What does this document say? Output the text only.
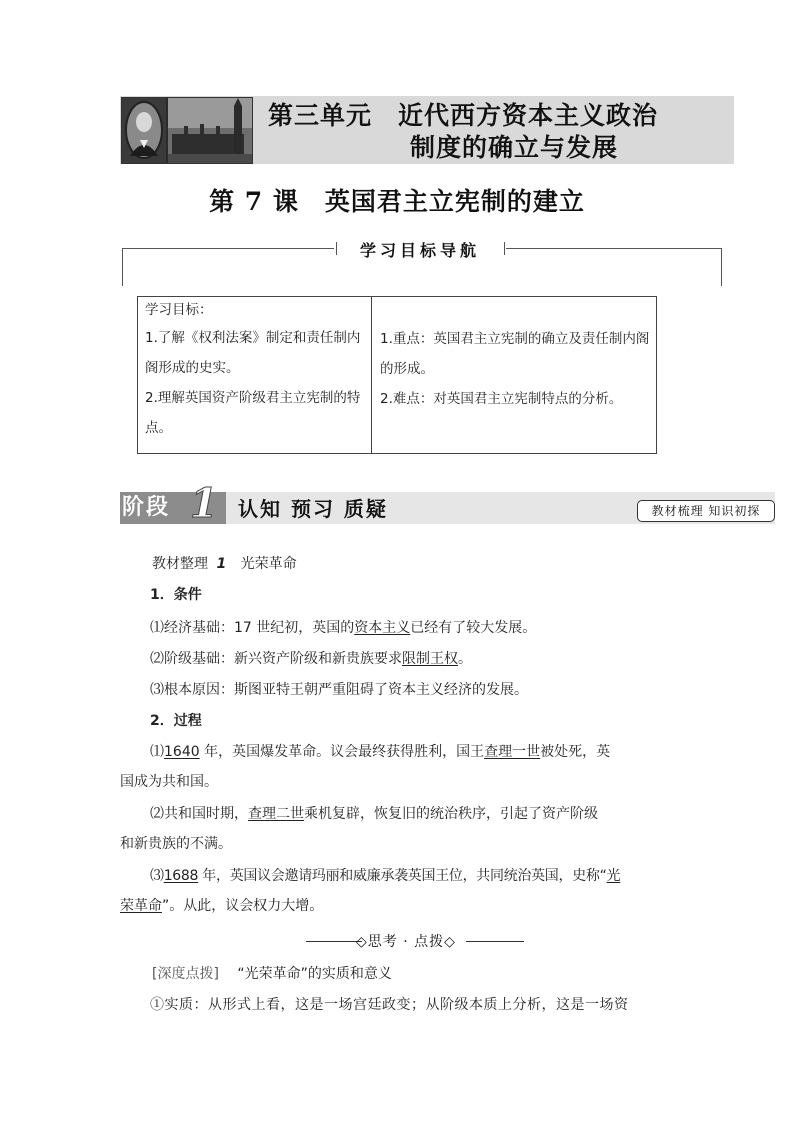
第三单元　近代西方资本主义政治
制度的确立与发展
第 7 课　英国君主立宪制的建立
学习目标导航
学习目标：
1.了解《权利法案》制定和责任制内阁形成的史实。
2.理解英国资产阶级君主立宪制的特点。
1.重点：英国君主立宪制的确立及责任制内阁的形成。
2.难点：对英国君主立宪制特点的分析。
阶段 1 认知 预习 质疑	教材梳理 知识初探
教材整理 1 光荣革命
1．条件
⑴经济基础：17 世纪初，英国的资本主义已经有了较大发展。
⑵阶级基础：新兴资产阶级和新贵族要求限制王权。
⑶根本原因：斯图亚特王朝严重阻碍了资本主义经济的发展。
2．过程
⑴1640 年，英国爆发革命。议会最终获得胜利，国王查理一世被处死，英
国成为共和国。
⑵共和国时期，查理二世乘机复辟，恢复旧的统治秩序，引起了资产阶级
和新贵族的不满。
⑶1688 年，英国议会邀请玛丽和威廉承袭英国王位，共同统治英国，史称“光
荣革命”。从此，议会权力大增。
◇思考 · 点拨◇
[深度点拨] “光荣革命”的实质和意义
①实质：从形式上看，这是一场宫廷政变；从阶级本质上分析，这是一场资
